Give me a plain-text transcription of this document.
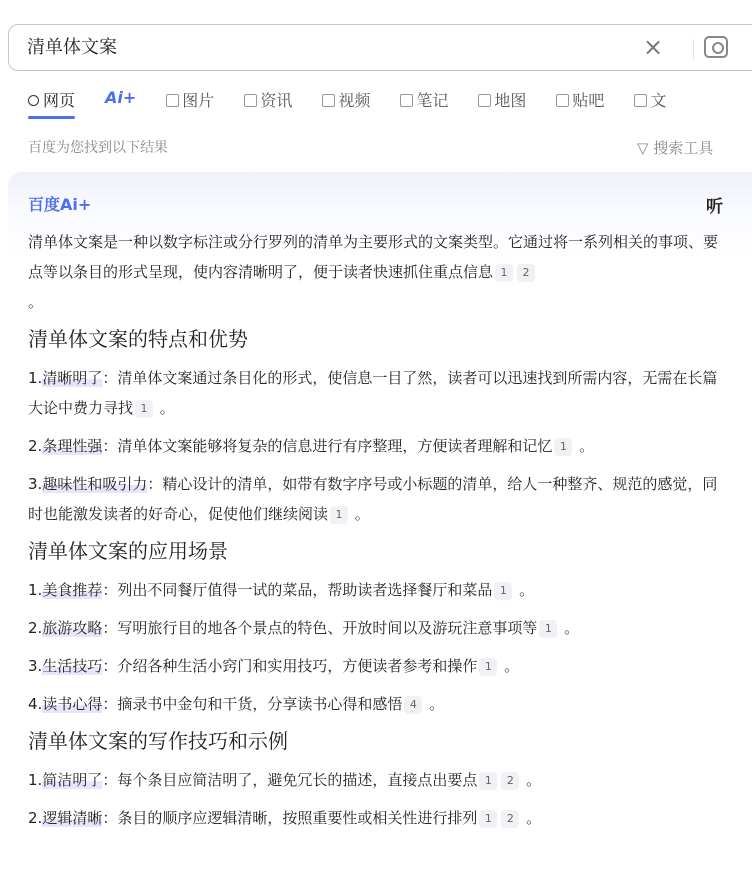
清单体文案
×
网页 Ai+	图片	资讯	视频	笔记	地图	贴吧	文
百度为您找到以下结果	▽ 搜索工具
百度Ai+	听

清单体文案是一种以数字标注或分行罗列的清单为主要形式的文案类型。它通过将一系列相关的事项、要点等以条目的形式呈现，使内容清晰明了，便于读者快速抓住重点信息 1 2
。

清单体文案的特点和优势

1.清晰明了：清单体文案通过条目化的形式，使信息一目了然，读者可以迅速找到所需内容，无需在长篇大论中费力寻找 1 。

2.条理性强：清单体文案能够将复杂的信息进行有序整理，方便读者理解和记忆 1 。

3.趣味性和吸引力：精心设计的清单，如带有数字序号或小标题的清单，给人一种整齐、规范的感觉，同时也能激发读者的好奇心，促使他们继续阅读 1 。

清单体文案的应用场景

1.美食推荐：列出不同餐厅值得一试的菜品，帮助读者选择餐厅和菜品 1 。

2.旅游攻略：写明旅行目的地各个景点的特色、开放时间以及游玩注意事项等 1 。

3.生活技巧：介绍各种生活小窍门和实用技巧，方便读者参考和操作 1 。

4.读书心得：摘录书中金句和干货，分享读书心得和感悟 4 。

清单体文案的写作技巧和示例

1.简洁明了：每个条目应简洁明了，避免冗长的描述，直接点出要点 1 2 。

2.逻辑清晰：条目的顺序应逻辑清晰，按照重要性或相关性进行排列 1 2 。
